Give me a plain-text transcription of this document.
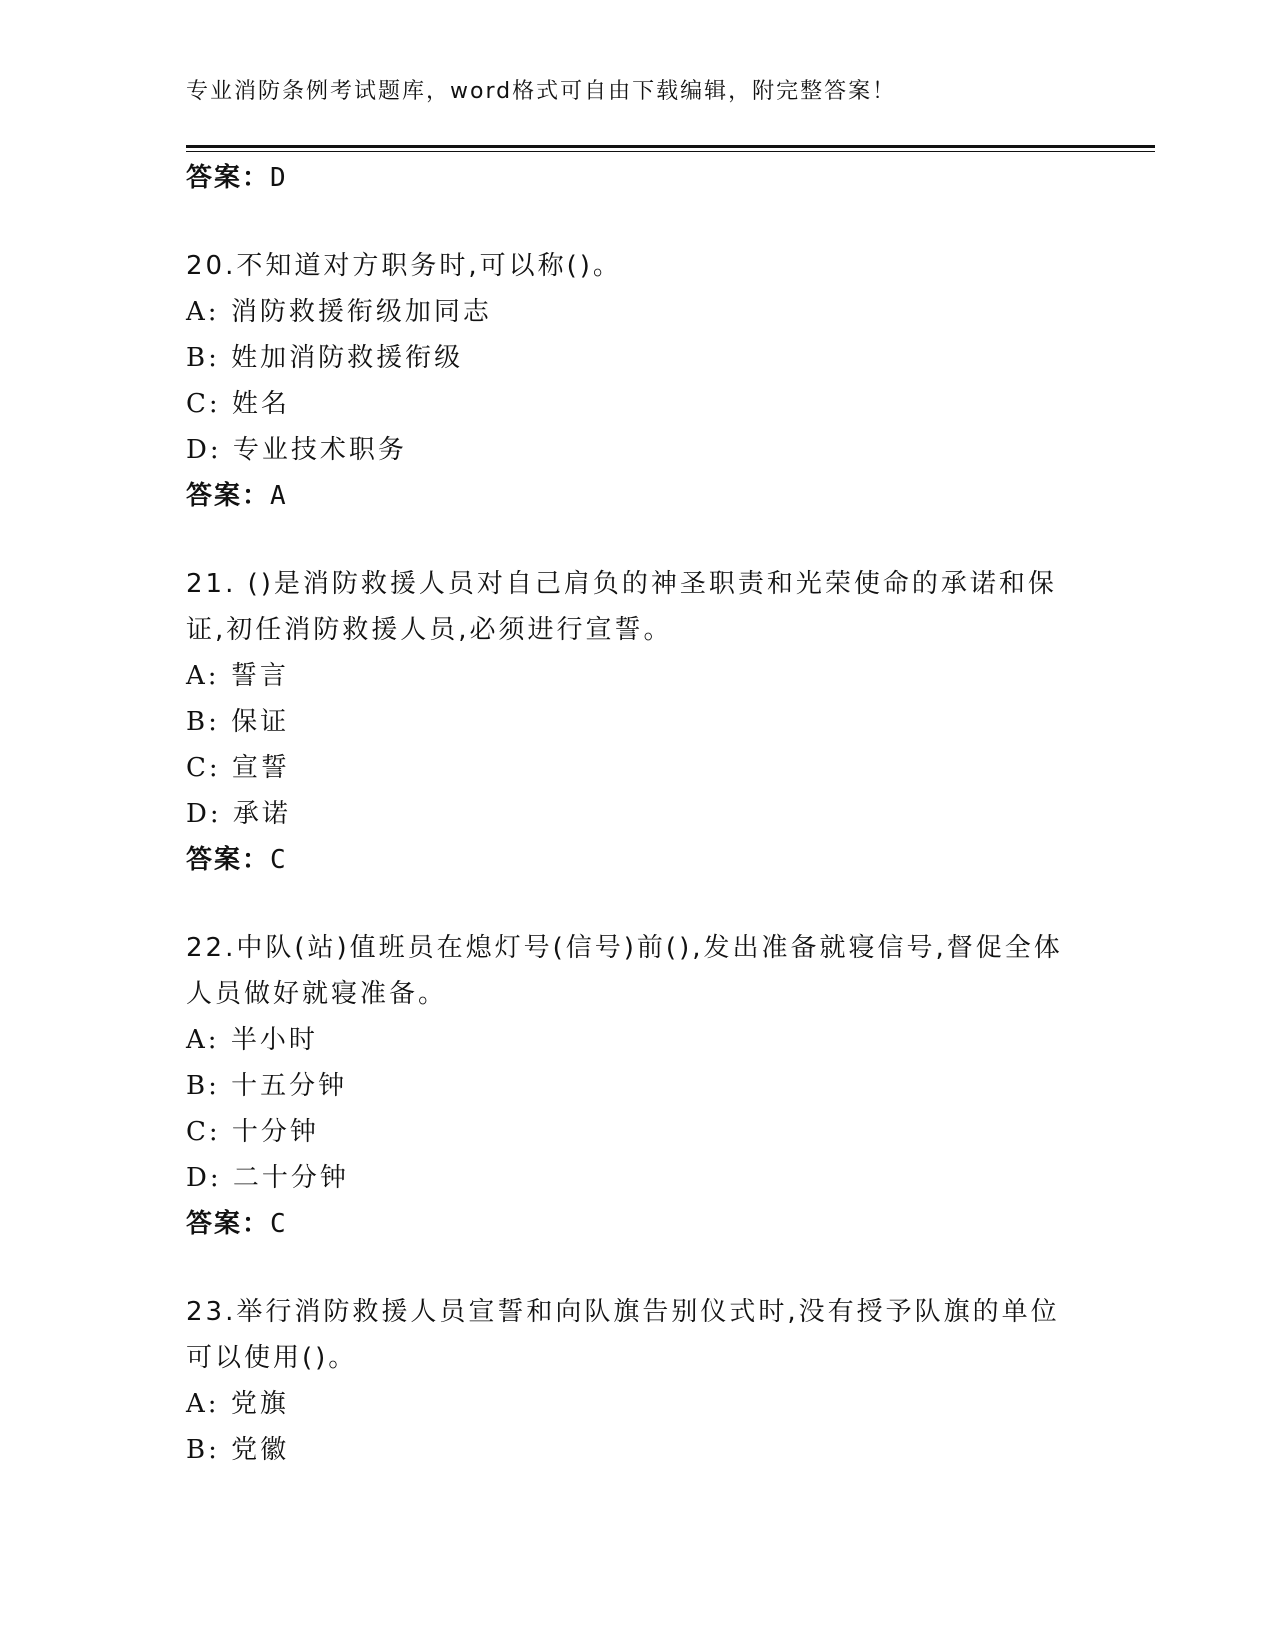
专业消防条例考试题库，word格式可自由下载编辑，附完整答案！
答案：D
20.不知道对方职务时,可以称()。
A: 消防救援衔级加同志
B: 姓加消防救援衔级
C: 姓名
D: 专业技术职务
答案：A
21. ()是消防救援人员对自己肩负的神圣职责和光荣使命的承诺和保
证,初任消防救援人员,必须进行宣誓。
A: 誓言
B: 保证
C: 宣誓
D: 承诺
答案：C
22.中队(站)值班员在熄灯号(信号)前(),发出准备就寝信号,督促全体
人员做好就寝准备。
A: 半小时
B: 十五分钟
C: 十分钟
D: 二十分钟
答案：C
23.举行消防救援人员宣誓和向队旗告别仪式时,没有授予队旗的单位
可以使用()。
A: 党旗
B: 党徽
